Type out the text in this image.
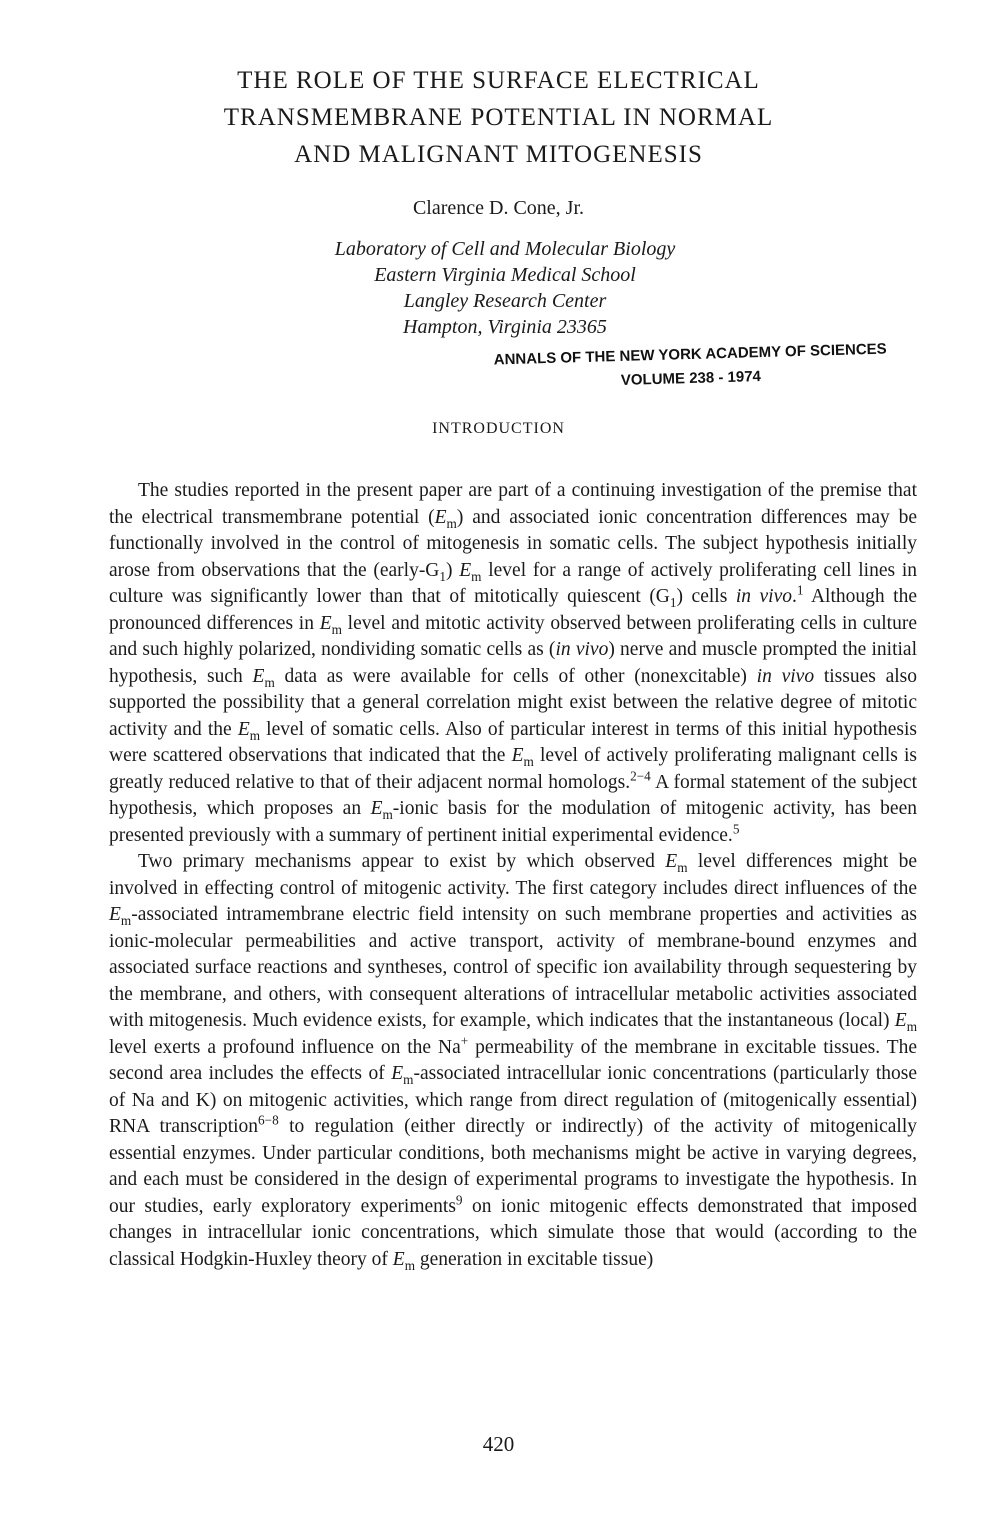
THE ROLE OF THE SURFACE ELECTRICAL
TRANSMEMBRANE POTENTIAL IN NORMAL
AND MALIGNANT MITOGENESIS
Clarence D. Cone, Jr.
Laboratory of Cell and Molecular Biology
Eastern Virginia Medical School
Langley Research Center
Hampton, Virginia 23365
ANNALS OF THE NEW YORK ACADEMY OF SCIENCES
VOLUME 238 - 1974
INTRODUCTION

The studies reported in the present paper are part of a continuing investigation of the premise that the electrical transmembrane potential $(E_m)$ and associated ionic concentration differences may be functionally involved in the control of mitogenesis in somatic cells. The subject hypothesis initially arose from observations that the $(early-G_1)$ $E_m$ level for a range of actively proliferating cell lines in culture was significantly lower than that of mitotically quiescent $(G_1)$ cells in vivo.$^1$ Although the pronounced differences in $E_m$ level and mitotic activity observed between proliferating cells in culture and such highly polarized, nondividing somatic cells as (in vivo) nerve and muscle prompted the initial hypothesis, such $E_m$ data as were available for cells of other (nonexcitable) in vivo tissues also supported the possibility that a general correlation might exist between the relative degree of mitotic activity and the $E_m$ level of somatic cells. Also of particular interest in terms of this initial hypothesis were scattered observations that indicated that the $E_m$ level of actively proliferating malignant cells is greatly reduced relative to that of their adjacent normal homologs.$^{2-4}$ A formal statement of the subject hypothesis, which proposes an $E_m$-ionic basis for the modulation of mitogenic activity, has been presented previously with a summary of pertinent initial experimental evidence.$^5$

Two primary mechanisms appear to exist by which observed $E_m$ level differences might be involved in effecting control of mitogenic activity. The first category includes direct influences of the $E_m$-associated intramembrane electric field intensity on such membrane properties and activities as ionic-molecular permeabilities and active transport, activity of membrane-bound enzymes and associated surface reactions and syntheses, control of specific ion availability through sequestering by the membrane, and others, with consequent alterations of intracellular metabolic activities associated with mitogenesis. Much evidence exists, for example, which indicates that the instantaneous (local) $E_m$ level exerts a profound influence on the Na+ permeability of the membrane in excitable tissues. The second area includes the effects of $E_m$-associated intracellular ionic concentrations (particularly those of Na and K) on mitogenic activities, which range from direct regulation of (mitogenically essential) RNA transcription$^{6-8}$ to regulation (either directly or indirectly) of the activity of mitogenically essential enzymes. Under particular conditions, both mechanisms might be active in varying degrees, and each must be considered in the design of experimental programs to investigate the hypothesis. In our studies, early exploratory experiments$^9$ on ionic mitogenic effects demonstrated that imposed changes in intracellular ionic concentrations, which simulate those that would (according to the classical Hodgkin-Huxley theory of $E_m$ generation in excitable tissue)

420
